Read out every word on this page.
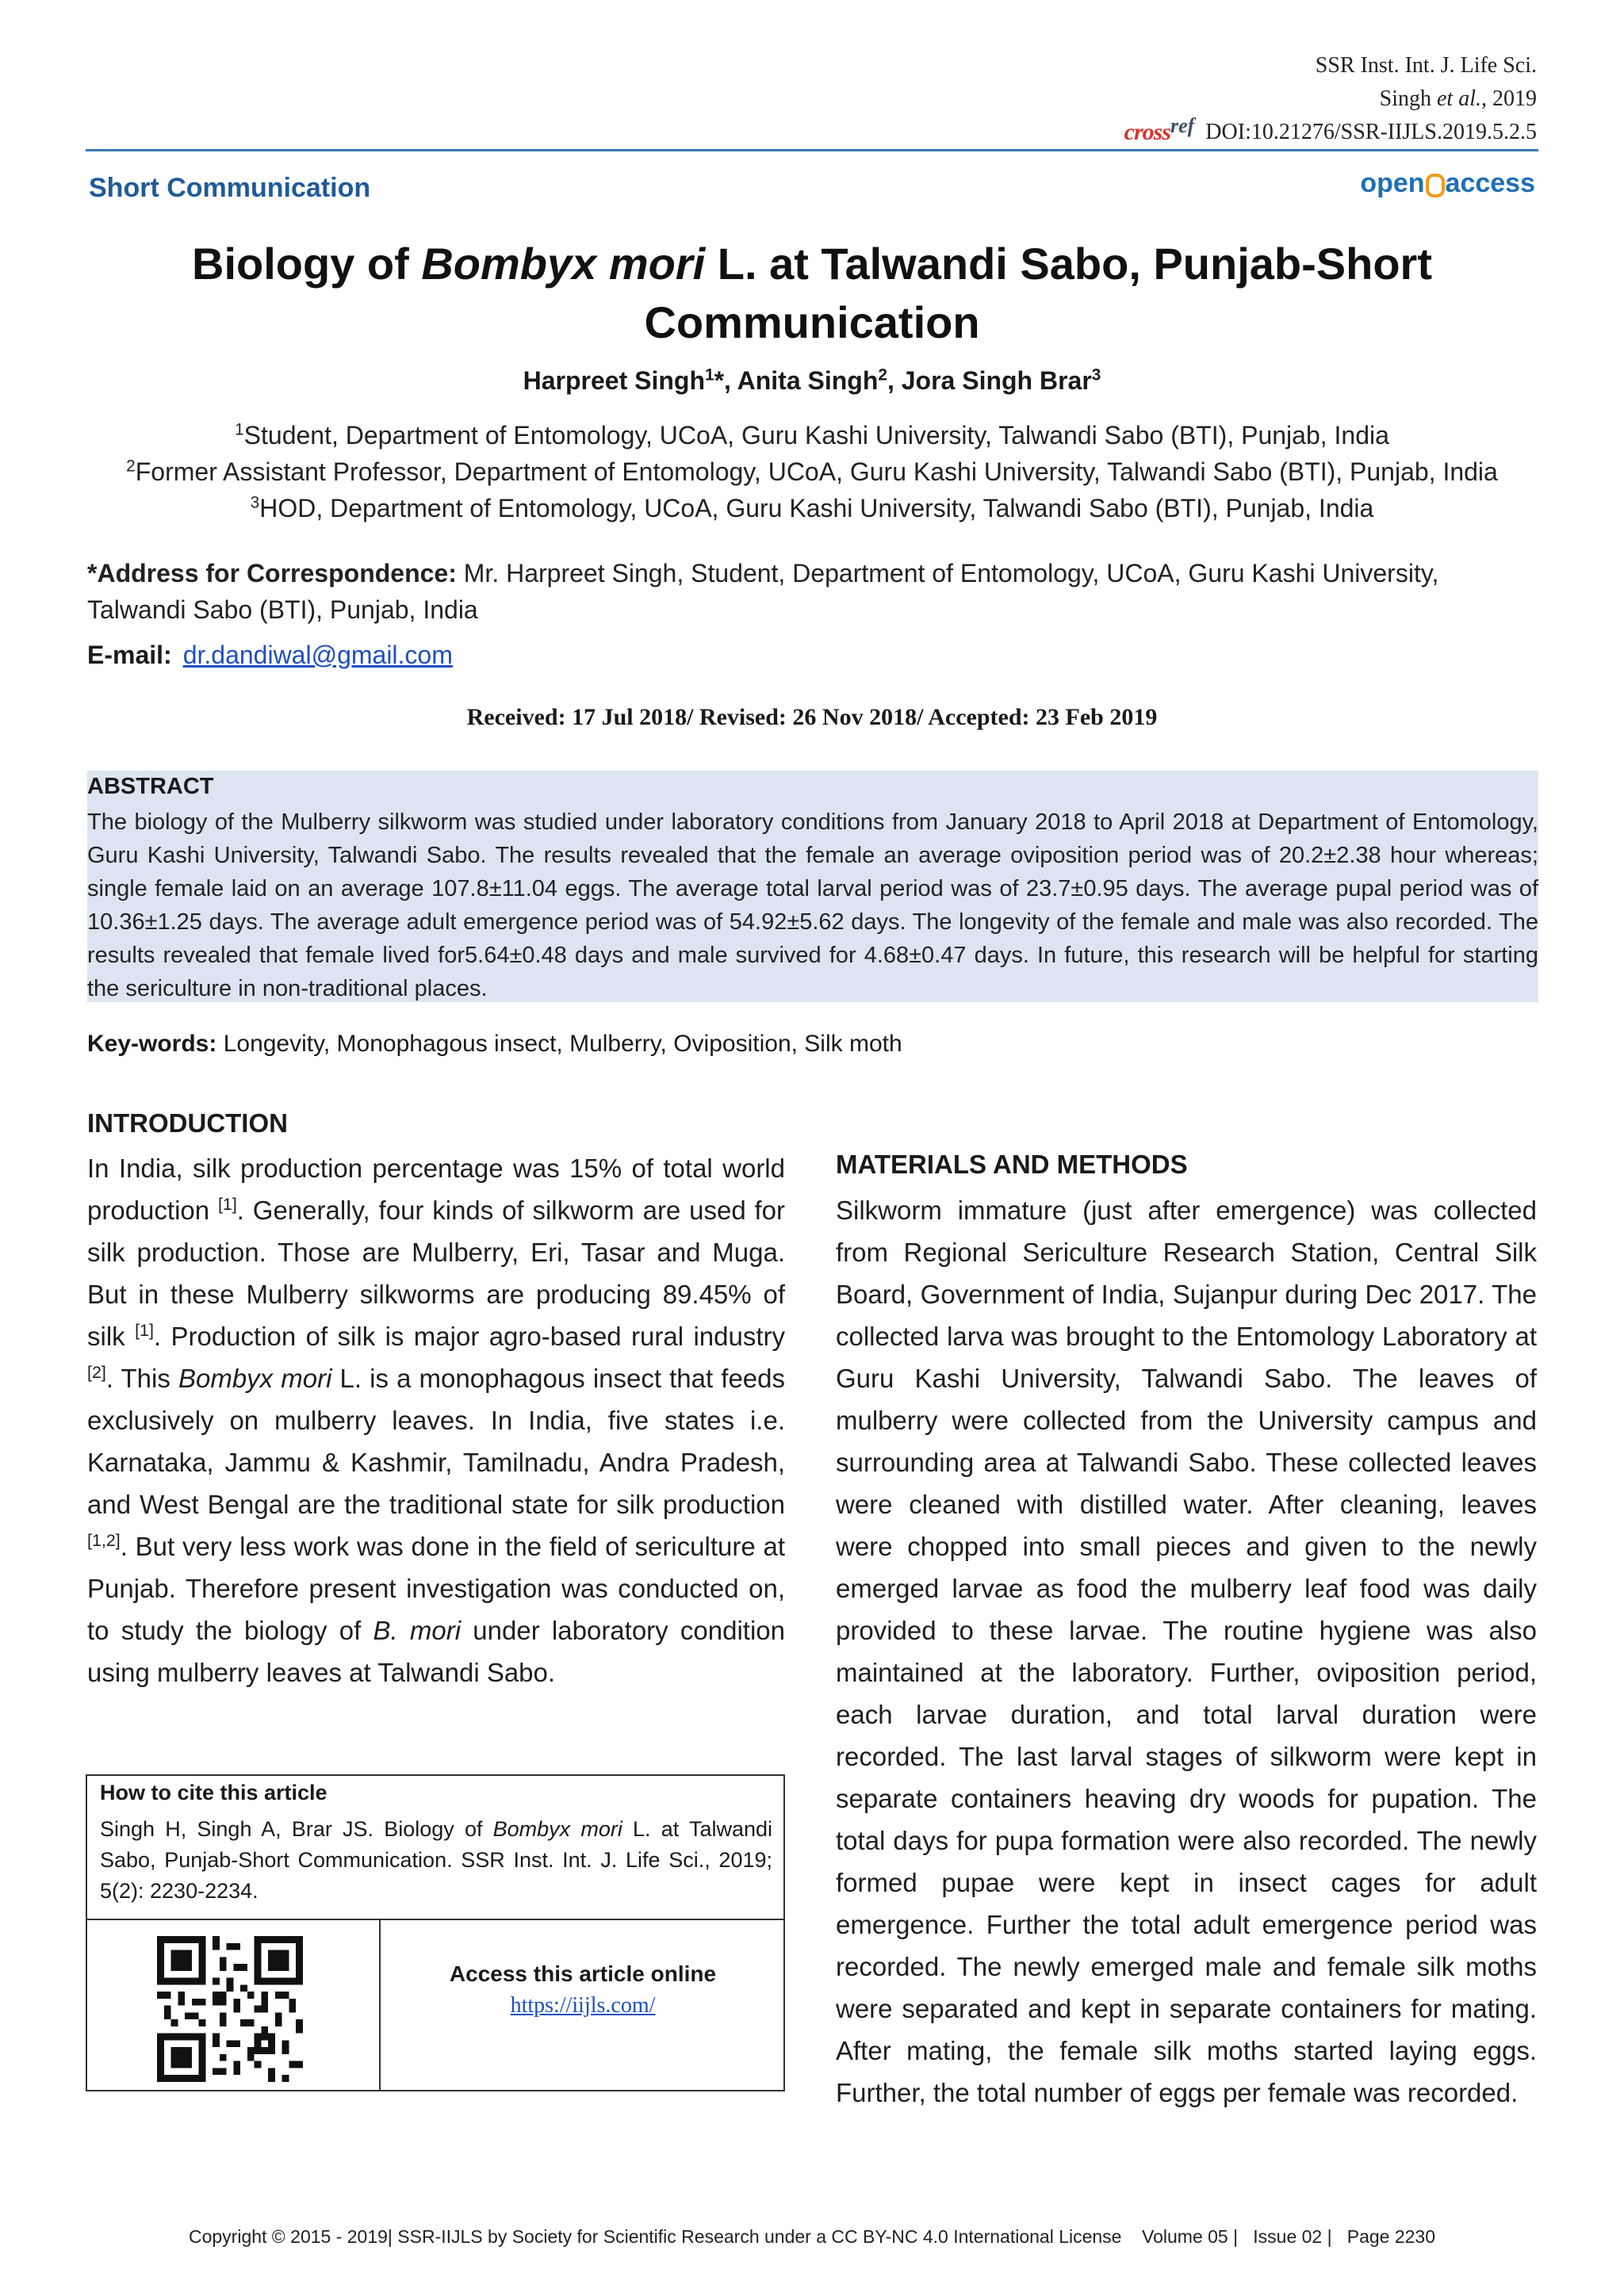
SSR Inst. Int. J. Life Sci.
Singh et al., 2019
cross ref DOI:10.21276/SSR-IIJLS.2019.5.2.5
Short Communication	open access
Biology of Bombyx mori L. at Talwandi Sabo, Punjab-Short
Communication
Harpreet Singh$^1$*, Anita Singh$^2$, Jora Singh Brar$^3$
$^1$Student, Department of Entomology, UCoA, Guru Kashi University, Talwandi Sabo (BTI), Punjab, India
$^2$Former Assistant Professor, Department of Entomology, UCoA, Guru Kashi University, Talwandi Sabo (BTI), Punjab, India
$^3$HOD, Department of Entomology, UCoA, Guru Kashi University, Talwandi Sabo (BTI), Punjab, India
*Address for Correspondence: Mr. Harpreet Singh, Student, Department of Entomology, UCoA, Guru Kashi University, Talwandi Sabo (BTI), Punjab, India
E-mail: dr.dandiwal@gmail.com
Received: 17 Jul 2018/ Revised: 26 Nov 2018/ Accepted: 23 Feb 2019
ABSTRACT
The biology of the Mulberry silkworm was studied under laboratory conditions from January 2018 to April 2018 at Department of Entomology, Guru Kashi University, Talwandi Sabo. The results revealed that the female an average oviposition period was of 20.2±2.38 hour whereas; single female laid on an average 107.8±11.04 eggs. The average total larval period was of 23.7±0.95 days. The average pupal period was of 10.36±1.25 days. The average adult emergence period was of 54.92±5.62 days. The longevity of the female and male was also recorded. The results revealed that female lived for5.64±0.48 days and male survived for 4.68±0.47 days. In future, this research will be helpful for starting the sericulture in non-traditional places.
Key-words: Longevity, Monophagous insect, Mulberry, Oviposition, Silk moth
INTRODUCTION
In India, silk production percentage was 15% of total world production [1]. Generally, four kinds of silkworm are used for silk production. Those are Mulberry, Eri, Tasar and Muga. But in these Mulberry silkworms are producing 89.45% of silk [1]. Production of silk is major agro-based rural industry [2]. This Bombyx mori L. is a monophagous insect that feeds exclusively on mulberry leaves. In India, five states i.e. Karnataka, Jammu & Kashmir, Tamilnadu, Andra Pradesh, and West Bengal are the traditional state for silk production [1,2]. But very less work was done in the field of sericulture at Punjab. Therefore present investigation was conducted on, to study the biology of B. mori under laboratory condition using mulberry leaves at Talwandi Sabo.
MATERIALS AND METHODS
Silkworm immature (just after emergence) was collected from Regional Sericulture Research Station, Central Silk Board, Government of India, Sujanpur during Dec 2017. The collected larva was brought to the Entomology Laboratory at Guru Kashi University, Talwandi Sabo. The leaves of mulberry were collected from the University campus and surrounding area at Talwandi Sabo. These collected leaves were cleaned with distilled water. After cleaning, leaves were chopped into small pieces and given to the newly emerged larvae as food the mulberry leaf food was daily provided to these larvae. The routine hygiene was also maintained at the laboratory. Further, oviposition period, each larvae duration, and total larval duration were recorded. The last larval stages of silkworm were kept in separate containers heaving dry woods for pupation. The total days for pupa formation were also recorded. The newly formed pupae were kept in insect cages for adult emergence. Further the total adult emergence period was recorded. The newly emerged male and female silk moths were separated and kept in separate containers for mating. After mating, the female silk moths started laying eggs. Further, the total number of eggs per female was recorded.
How to cite this article
Singh H, Singh A, Brar JS. Biology of Bombyx mori L. at Talwandi Sabo, Punjab-Short Communication. SSR Inst. Int. J. Life Sci., 2019; 5(2): 2230-2234.
Access this article online
https://iijls.com/
Copyright © 2015 - 2019| SSR-IIJLS by Society for Scientific Research under a CC BY-NC 4.0 International License    Volume 05 |   Issue 02 |   Page 2230
